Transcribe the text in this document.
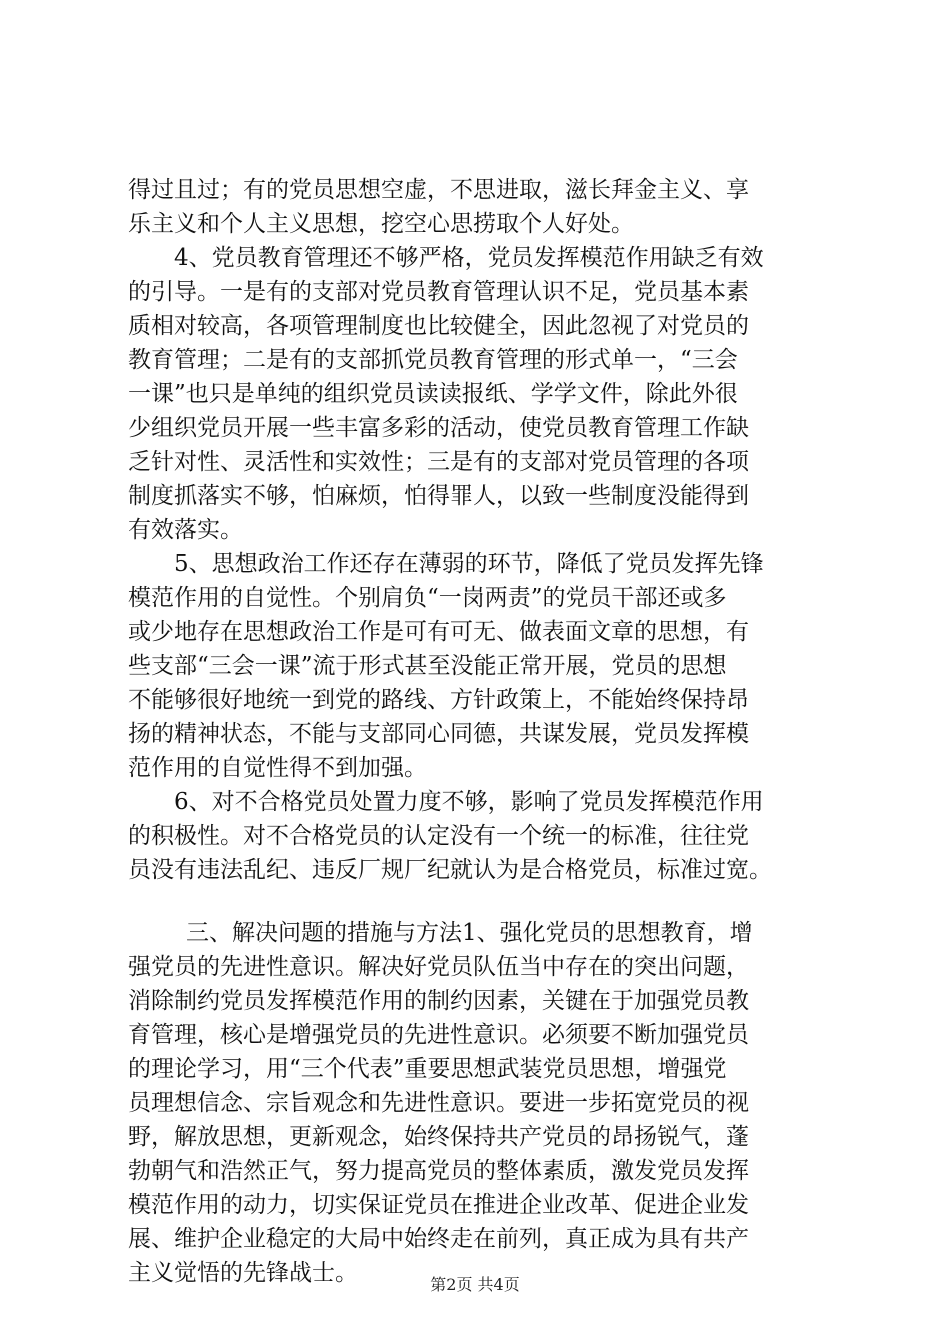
得过且过；有的党员思想空虚，不思进取，滋长拜金主义、享

乐主义和个人主义思想，挖空心思捞取个人好处。

　　4、党员教育管理还不够严格，党员发挥模范作用缺乏有效

的引导。一是有的支部对党员教育管理认识不足，党员基本素

质相对较高，各项管理制度也比较健全，因此忽视了对党员的

教育管理；二是有的支部抓党员教育管理的形式单一，“三会

一课”也只是单纯的组织党员读读报纸、学学文件，除此外很

少组织党员开展一些丰富多彩的活动，使党员教育管理工作缺

乏针对性、灵活性和实效性；三是有的支部对党员管理的各项

制度抓落实不够，怕麻烦，怕得罪人，以致一些制度没能得到

有效落实。

　　5、思想政治工作还存在薄弱的环节，降低了党员发挥先锋

模范作用的自觉性。个别肩负“一岗两责”的党员干部还或多

或少地存在思想政治工作是可有可无、做表面文章的思想，有

些支部“三会一课”流于形式甚至没能正常开展，党员的思想

不能够很好地统一到党的路线、方针政策上，不能始终保持昂

扬的精神状态，不能与支部同心同德，共谋发展，党员发挥模

范作用的自觉性得不到加强。

　　6、对不合格党员处置力度不够，影响了党员发挥模范作用

的积极性。对不合格党员的认定没有一个统一的标准，往往党

员没有违法乱纪、违反厂规厂纪就认为是合格党员，标准过宽。

　　三、解决问题的措施与方法1、强化党员的思想教育，增

强党员的先进性意识。解决好党员队伍当中存在的突出问题，

消除制约党员发挥模范作用的制约因素，关键在于加强党员教

育管理，核心是增强党员的先进性意识。必须要不断加强党员

的理论学习，用“三个代表”重要思想武装党员思想，增强党

员理想信念、宗旨观念和先进性意识。要进一步拓宽党员的视

野，解放思想，更新观念，始终保持共产党员的昂扬锐气，蓬

勃朝气和浩然正气，努力提高党员的整体素质，激发党员发挥

模范作用的动力，切实保证党员在推进企业改革、促进企业发

展、维护企业稳定的大局中始终走在前列，真正成为具有共产

主义觉悟的先锋战士。	第2页 共4页
